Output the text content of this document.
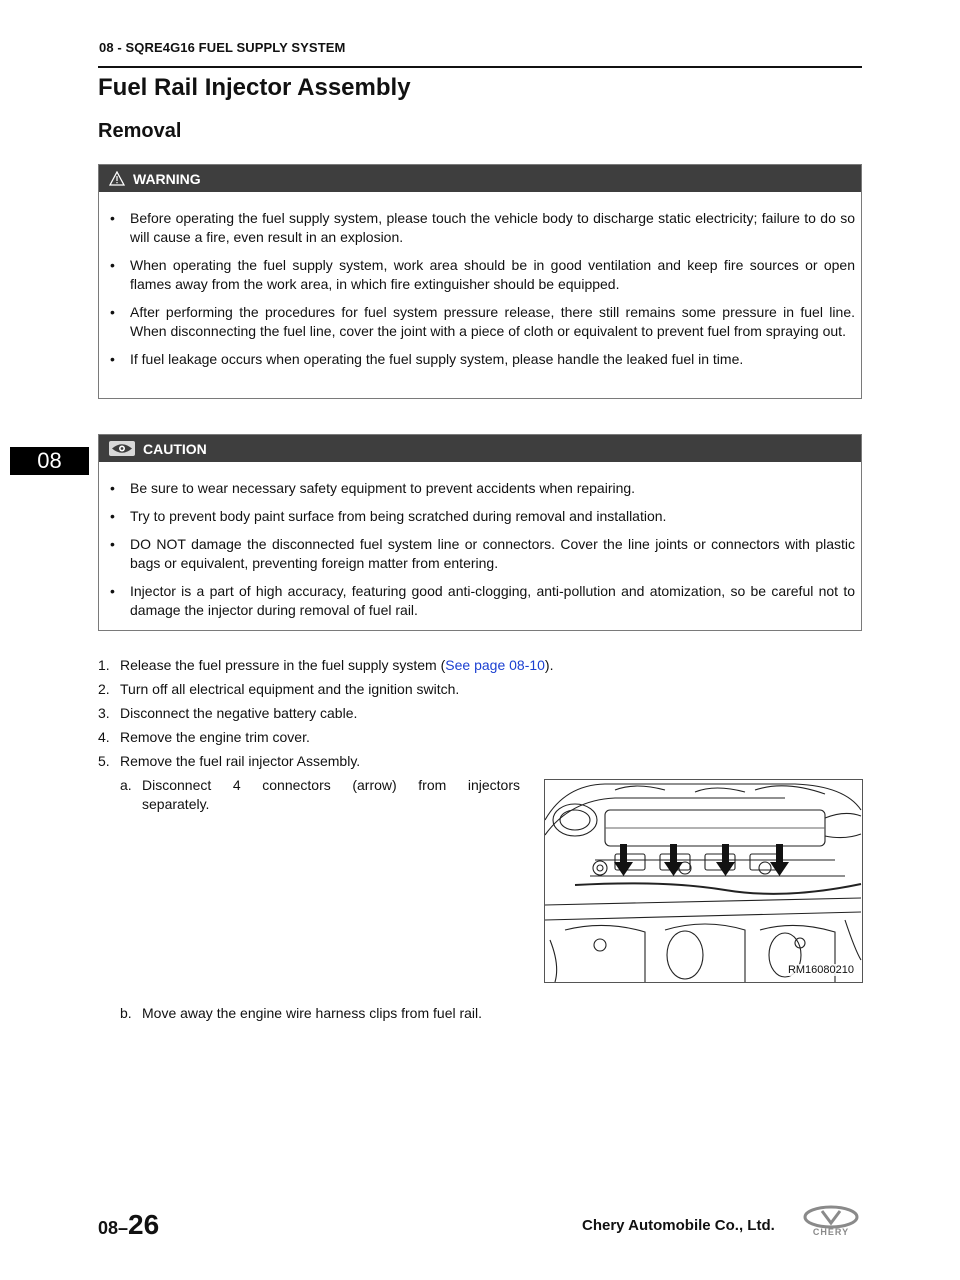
08 - SQRE4G16 FUEL SUPPLY SYSTEM
Fuel Rail Injector Assembly
Removal
08
WARNING
• Before operating the fuel supply system, please touch the vehicle body to discharge static electricity; failure to do so will cause a fire, even result in an explosion.
• When operating the fuel supply system, work area should be in good ventilation and keep fire sources or open flames away from the work area, in which fire extinguisher should be equipped.
• After performing the procedures for fuel system pressure release, there still remains some pressure in fuel line. When disconnecting the fuel line, cover the joint with a piece of cloth or equivalent to prevent fuel from spraying out.
• If fuel leakage occurs when operating the fuel supply system, please handle the leaked fuel in time.
CAUTION
• Be sure to wear necessary safety equipment to prevent accidents when repairing.
• Try to prevent body paint surface from being scratched during removal and installation.
• DO NOT damage the disconnected fuel system line or connectors. Cover the line joints or connectors with plastic bags or equivalent, preventing foreign matter from entering.
• Injector is a part of high accuracy, featuring good anti-clogging, anti-pollution and atomization, so be careful not to damage the injector during removal of fuel rail.
1. Release the fuel pressure in the fuel supply system (See page 08-10).
2. Turn off all electrical equipment and the ignition switch.
3. Disconnect the negative battery cable.
4. Remove the engine trim cover.
5. Remove the fuel rail injector Assembly.
a. Disconnect 4 connectors (arrow) from injectors
separately.
RM16080210
b. Move away the engine wire harness clips from fuel rail.
08–26	Chery Automobile Co., Ltd.	CHERY
